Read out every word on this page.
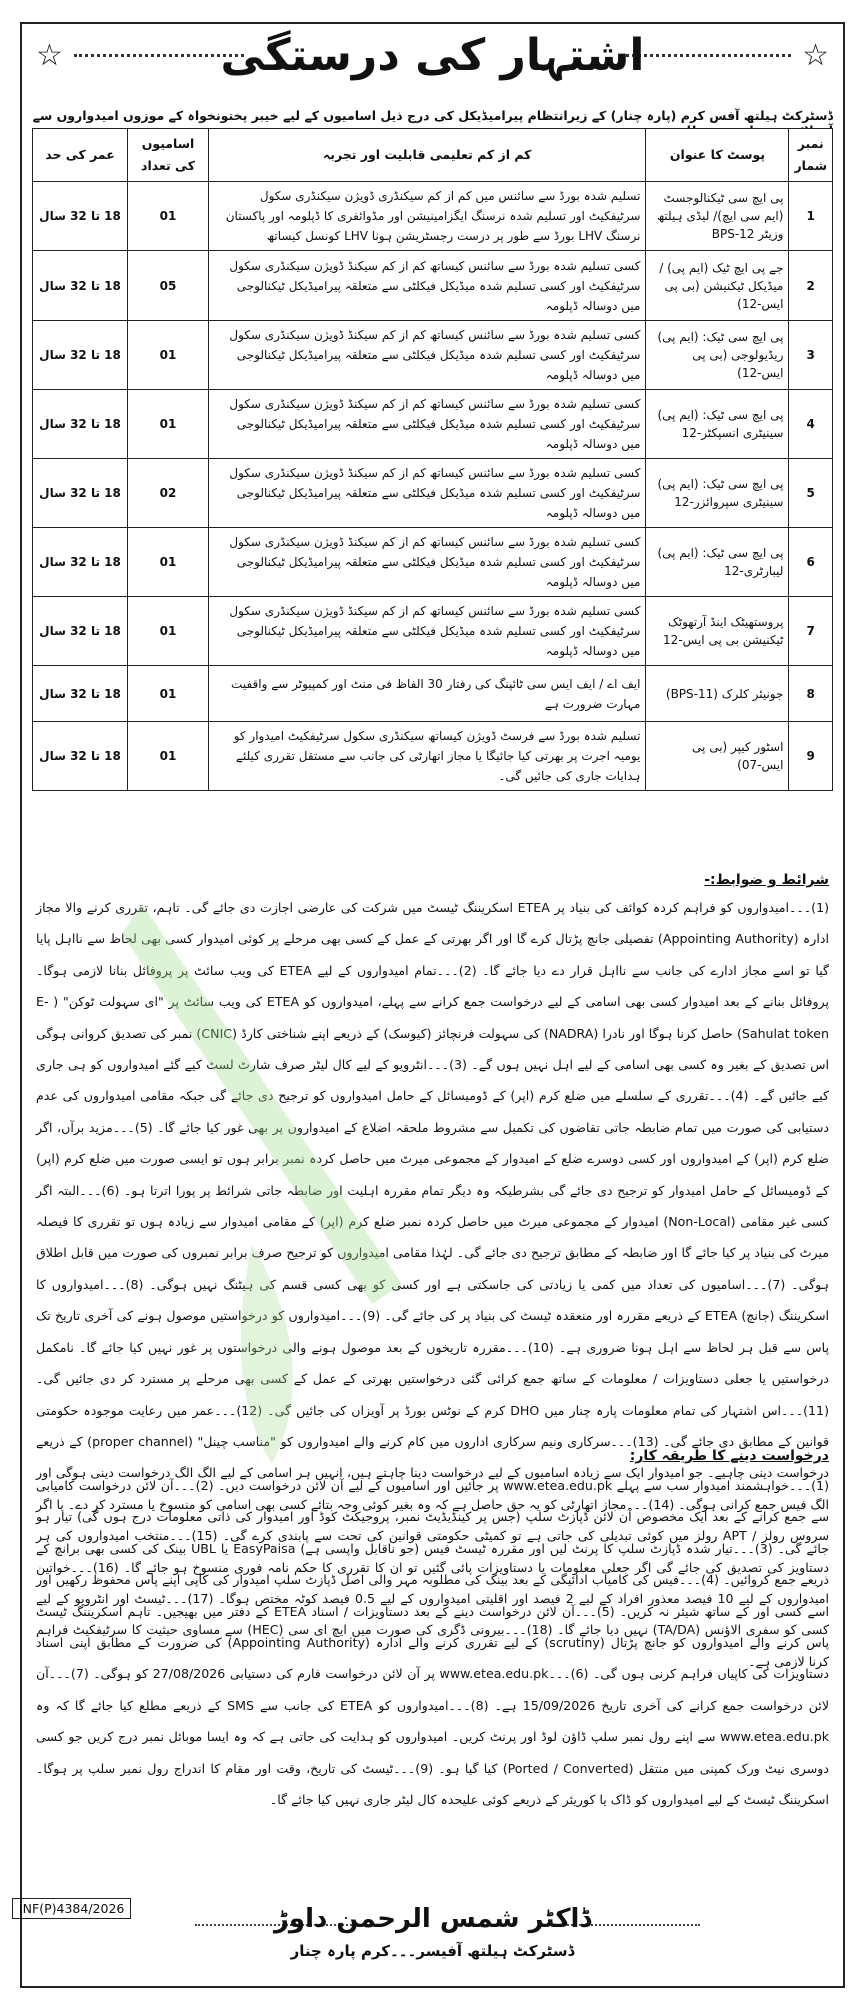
☆
☆	اشتہار کی درستگی
ڈسٹرکٹ ہیلتھ آفس کرم (پارہ چنار) کے زیرانتظام پیرامیڈیکل کی درج ذیل اسامیوں کے لیے خیبر پختونخواہ کے موزوں امیدواروں سے
نمبر شمار	پوسٹ کا عنوان	کم از کم تعلیمی قابلیت اور تجربہ	اسامیوں کی تعداد	عمر کی حد
1	پی ایچ سی ٹیکنالوجسٹ (ایم سی ایچ)/ لیڈی ہیلتھ وزیٹر BPS-12	تسلیم شدہ بورڈ سے سائنس میں کم از کم سیکنڈری ڈویژن سیکنڈری سکول سرٹیفکیٹ اور تسلیم شدہ نرسنگ ایگزامینیشن اور مڈوائفری کا ڈپلومہ اور پاکستان نرسنگ LHV بورڈ سے طور پر درست رجسٹریشن ہونا LHV کونسل کیساتھ	01	18 تا 32 سال
2	جے پی ایچ ٹیک (ایم پی) / میڈیکل ٹیکنیشن (بی پی ایس-12)	کسی تسلیم شدہ بورڈ سے سائنس کیساتھ کم از کم سیکنڈ ڈویژن سیکنڈری سکول سرٹیفکیٹ اور کسی تسلیم شدہ میڈیکل فیکلٹی سے متعلقہ پیرامیڈیکل ٹیکنالوجی میں دوسالہ ڈپلومہ	05	18 تا 32 سال
3	پی ایچ سی ٹیک: (ایم پی) ریڈیولوجی (بی پی ایس-12)	کسی تسلیم شدہ بورڈ سے سائنس کیساتھ کم از کم سیکنڈ ڈویژن سیکنڈری سکول سرٹیفکیٹ اور کسی تسلیم شدہ میڈیکل فیکلٹی سے متعلقہ پیرامیڈیکل ٹیکنالوجی میں دوسالہ ڈپلومہ	01	18 تا 32 سال
4	پی ایچ سی ٹیک: (ایم پی) سینیٹری انسپکٹر-12	کسی تسلیم شدہ بورڈ سے سائنس کیساتھ کم از کم سیکنڈ ڈویژن سیکنڈری سکول سرٹیفکیٹ اور کسی تسلیم شدہ میڈیکل فیکلٹی سے متعلقہ پیرامیڈیکل ٹیکنالوجی میں دوسالہ ڈپلومہ	01	18 تا 32 سال
5	پی ایچ سی ٹیک: (ایم پی) سینیٹری سپروائزر-12	کسی تسلیم شدہ بورڈ سے سائنس کیساتھ کم از کم سیکنڈ ڈویژن سیکنڈری سکول سرٹیفکیٹ اور کسی تسلیم شدہ میڈیکل فیکلٹی سے متعلقہ پیرامیڈیکل ٹیکنالوجی میں دوسالہ ڈپلومہ	02	18 تا 32 سال
6	پی ایچ سی ٹیک: (ایم پی) لیبارٹری-12	کسی تسلیم شدہ بورڈ سے سائنس کیساتھ کم از کم سیکنڈ ڈویژن سیکنڈری سکول سرٹیفکیٹ اور کسی تسلیم شدہ میڈیکل فیکلٹی سے متعلقہ پیرامیڈیکل ٹیکنالوجی میں دوسالہ ڈپلومہ	01	18 تا 32 سال
7	پروستھیٹک اینڈ آرتھوٹک ٹیکنیشن بی پی ایس-12	کسی تسلیم شدہ بورڈ سے سائنس کیساتھ کم از کم سیکنڈ ڈویژن سیکنڈری سکول سرٹیفکیٹ اور کسی تسلیم شدہ میڈیکل فیکلٹی سے متعلقہ پیرامیڈیکل ٹیکنالوجی میں دوسالہ ڈپلومہ	01	18 تا 32 سال
8	جونیئر کلرک (BPS-11)	ایف اے / ایف ایس سی ٹائپنگ کی رفتار 30 الفاظ فی منٹ اور کمپیوٹر سے واقفیت مہارت ضرورت ہے	01	18 تا 32 سال
9	اسٹور کیپر (بی پی ایس-07)	تسلیم شدہ بورڈ سے فرسٹ ڈویژن کیساتھ سیکنڈری سکول سرٹیفکیٹ امیدوار کو یومیہ اجرت پر بھرتی کیا جائیگا یا مجاز اتھارٹی کی جانب سے مستقل تقرری کیلئے ہدایات جاری کی جائیں گی۔	01	18 تا 32 سال
شرائط و ضوابط:-
(1)۔۔۔امیدواروں کو فراہم کردہ کوائف کی بنیاد پر ETEA اسکریننگ ٹیسٹ میں شرکت کی عارضی اجازت دی جائے گی۔ تاہم، تقرری کرنے والا مجاز ادارہ (Appointing Authority) تفصیلی جانچ پڑتال کرے گا اور اگر بھرتی کے عمل کے کسی بھی مرحلے پر کوئی امیدوار کسی بھی لحاظ سے نااہل پایا گیا تو اسے مجاز ادارے کی جانب سے نااہل قرار دے دیا جائے گا۔ (2)۔۔۔تمام امیدواروں کے لیے ETEA کی ویب سائٹ پر پروفائل بنانا لازمی ہوگا۔ پروفائل بنانے کے بعد امیدوار کسی بھی اسامی کے لیے درخواست جمع کرانے سے پہلے، امیدواروں کو ETEA کی ویب سائٹ پر "ای سہولت ٹوکن" ( E-Sahulat token) حاصل کرنا ہوگا اور نادرا (NADRA) کی سہولت فرنچائز (کیوسک) کے ذریعے اپنے شناختی کارڈ (CNIC) نمبر کی تصدیق کروانی ہوگی اس تصدیق کے بغیر وہ کسی بھی اسامی کے لیے اہل نہیں ہوں گے۔ (3)۔۔۔انٹرویو کے لیے کال لیٹر صرف شارٹ لسٹ کیے گئے امیدواروں کو ہی جاری کیے جائیں گے۔ (4)۔۔۔تقرری کے سلسلے میں ضلع کرم (اپر) کے ڈومیسائل کے حامل امیدواروں کو ترجیح دی جائے گی جبکہ مقامی امیدواروں کی عدم دستیابی کی صورت میں تمام ضابطہ جاتی تقاضوں کی تکمیل سے مشروط ملحقہ اضلاع کے امیدواروں پر بھی غور کیا جائے گا۔ (5)۔۔۔مزید برآں، اگر ضلع کرم (اپر) کے امیدواروں اور کسی دوسرے ضلع کے امیدوار کے مجموعی میرٹ میں حاصل کردہ نمبر برابر ہوں تو ایسی صورت میں ضلع کرم (اپر) کے ڈومیسائل کے حامل امیدوار کو ترجیح دی جائے گی بشرطیکہ وہ دیگر تمام مقررہ اہلیت اور ضابطہ جاتی شرائط پر پورا اترتا ہو۔ (6)۔۔۔البتہ اگر کسی غیر مقامی (Non-Local) امیدوار کے مجموعی میرٹ میں حاصل کردہ نمبر ضلع کرم (اپر) کے مقامی امیدوار سے زیادہ ہوں تو تقرری کا فیصلہ میرٹ کی بنیاد پر کیا جائے گا اور ضابطہ کے مطابق ترجیح دی جائے گی۔ لہٰذا مقامی امیدواروں کو ترجیح صرف برابر نمبروں کی صورت میں قابل اطلاق ہوگی۔ (7)۔۔۔اسامیوں کی تعداد میں کمی یا زیادتی کی جاسکتی ہے اور کسی کو بھی کسی قسم کی ہیٹنگ نہیں ہوگی۔ (8)۔۔۔امیدواروں کا اسکریننگ (جانچ) ETEA کے ذریعے مقررہ اور منعقدہ ٹیسٹ کی بنیاد پر کی جائے گی۔ (9)۔۔۔امیدواروں کو درخواستیں موصول ہونے کی آخری تاریخ تک پاس سے قبل ہر لحاظ سے اہل ہونا ضروری ہے۔ (10)۔۔۔مقررہ تاریخوں کے بعد موصول ہونے والی درخواستوں پر غور نہیں کیا جائے گا۔ نامکمل درخواستیں یا جعلی دستاویزات / معلومات کے ساتھ جمع کرائی گئی درخواستیں بھرتی کے عمل کے کسی بھی مرحلے پر مسترد کر دی جائیں گی۔ (11)۔۔۔اس اشتہار کی تمام معلومات پارہ چنار میں DHO کرم کے نوٹس بورڈ پر آویزاں کی جائیں گی۔ (12)۔۔۔عمر میں رعایت موجودہ حکومتی قوانین کے مطابق دی جائے گی۔ (13)۔۔۔سرکاری ونیم سرکاری اداروں میں کام کرنے والے امیدواروں کو "مناسب چینل" (proper channel) کے ذریعے درخواست دینی چاہیے۔ جو امیدوار ایک سے زیادہ اسامیوں کے لیے درخواست دینا چاہتے ہیں، انہیں ہر اسامی کے لیے الگ الگ درخواست دینی ہوگی اور الگ فیس جمع کرانی ہوگی۔ (14)۔۔۔مجاز اتھارٹی کو یہ حق حاصل ہے کہ وہ بغیر کوئی وجہ بتائے کسی بھی اسامی کو منسوخ یا مسترد کر دے۔ یا اگر سروس رولز / APT رولز میں کوئی تبدیلی کی جاتی ہے تو کمیٹی حکومتی قوانین کی تحت سے پابندی کرے گی۔ (15)۔۔۔منتخب امیدواروں کی ہر دستاویز کی تصدیق کی جائے گی اگر جعلی معلومات یا دستاویزات پائی گئیں تو ان کا تقرری کا حکم نامہ فوری منسوخ ہو جائے گا۔ (16)۔۔۔خواتین امیدواروں کے لیے 10 فیصد معذور افراد کے لیے 2 فیصد اور اقلیتی امیدواروں کے لیے 0.5 فیصد کوٹہ مختص ہوگا۔ (17)۔۔۔ٹیسٹ اور انٹرویو کے لیے کسی کو سفری الاؤنس (TA/DA) نہیں دیا جائے گا۔ (18)۔۔۔بیرونی ڈگری کی صورت میں ایچ ای سی (HEC) سے مساوی حیثیت کا سرٹیفکیٹ فراہم کرنا لازمی ہے۔
درخواست دینے کا طریقہ کار:
(1)۔۔۔خواہشمند امیدوار سب سے پہلے www.etea.edu.pk پر جائیں اور اسامیوں کے لیے آن لائن درخواست دیں۔ (2)۔۔۔آن لائن درخواست کامیابی سے جمع کرانے کے بعد ایک مخصوص آن لائن ڈپازٹ سلپ (جس پر کینڈیڈیٹ نمبر، پروجیکٹ کوڈ اور امیدوار کی ذاتی معلومات درج ہوں گی) تیار ہو جائے گی۔ (3)۔۔۔تیار شدہ ڈپازٹ سلپ کا پرنٹ لیں اور مقررہ ٹیسٹ فیس (جو ناقابل واپسی ہے) EasyPaisa یا UBL بینک کی کسی بھی برانچ کے ذریعے جمع کروائیں۔ (4)۔۔۔فیس کی کامیاب ادائیگی کے بعد بینک کی مطلوبہ مہر والی اصل ڈپازٹ سلپ امیدوار کی کاپی اپنے پاس محفوظ رکھیں اور اسے کسی اور کے ساتھ شیئر نہ کریں۔ (5)۔۔۔آن لائن درخواست دینے کے بعد دستاویزات / اسناد ETEA کے دفتر میں بھیجیں۔ تاہم اسکریننگ ٹیسٹ پاس کرنے والے امیدواروں کو جانچ پڑتال (scrutiny) کے لیے تقرری کرنے والے ادارہ (Appointing Authority) کی ضرورت کے مطابق اپنی اسناد دستاویزات کی کاپیاں فراہم کرنی ہوں گی۔ (6)۔۔۔www.etea.edu.pk پر آن لائن درخواست فارم کی دستیابی 27/08/2026 کو ہوگی۔ (7)۔۔۔آن لائن درخواست جمع کرانے کی آخری تاریخ 15/09/2026 ہے۔ (8)۔۔۔امیدواروں کو ETEA کی جانب سے SMS کے ذریعے مطلع کیا جائے گا کہ وہ www.etea.edu.pk سے اپنے رول نمبر سلپ ڈاؤن لوڈ اور پرنٹ کریں۔ امیدواروں کو ہدایت کی جاتی ہے کہ وہ ایسا موبائل نمبر درج کریں جو کسی دوسری نیٹ ورک کمپنی میں منتقل (Ported / Converted) کیا گیا ہو۔ (9)۔۔۔ٹیسٹ کی تاریخ، وقت اور مقام کا اندراج رول نمبر سلپ پر ہوگا۔ اسکریننگ ٹیسٹ کے لیے امیدواروں کو ڈاک یا کوریئر کے ذریعے کوئی علیحدہ کال لیٹر جاری نہیں کیا جائے گا۔
INF(P)4384/2026	ڈاکٹر شمس الرحمن داوڑ
ڈسٹرکٹ ہیلتھ آفیسر۔۔۔کرم پارہ چنار
